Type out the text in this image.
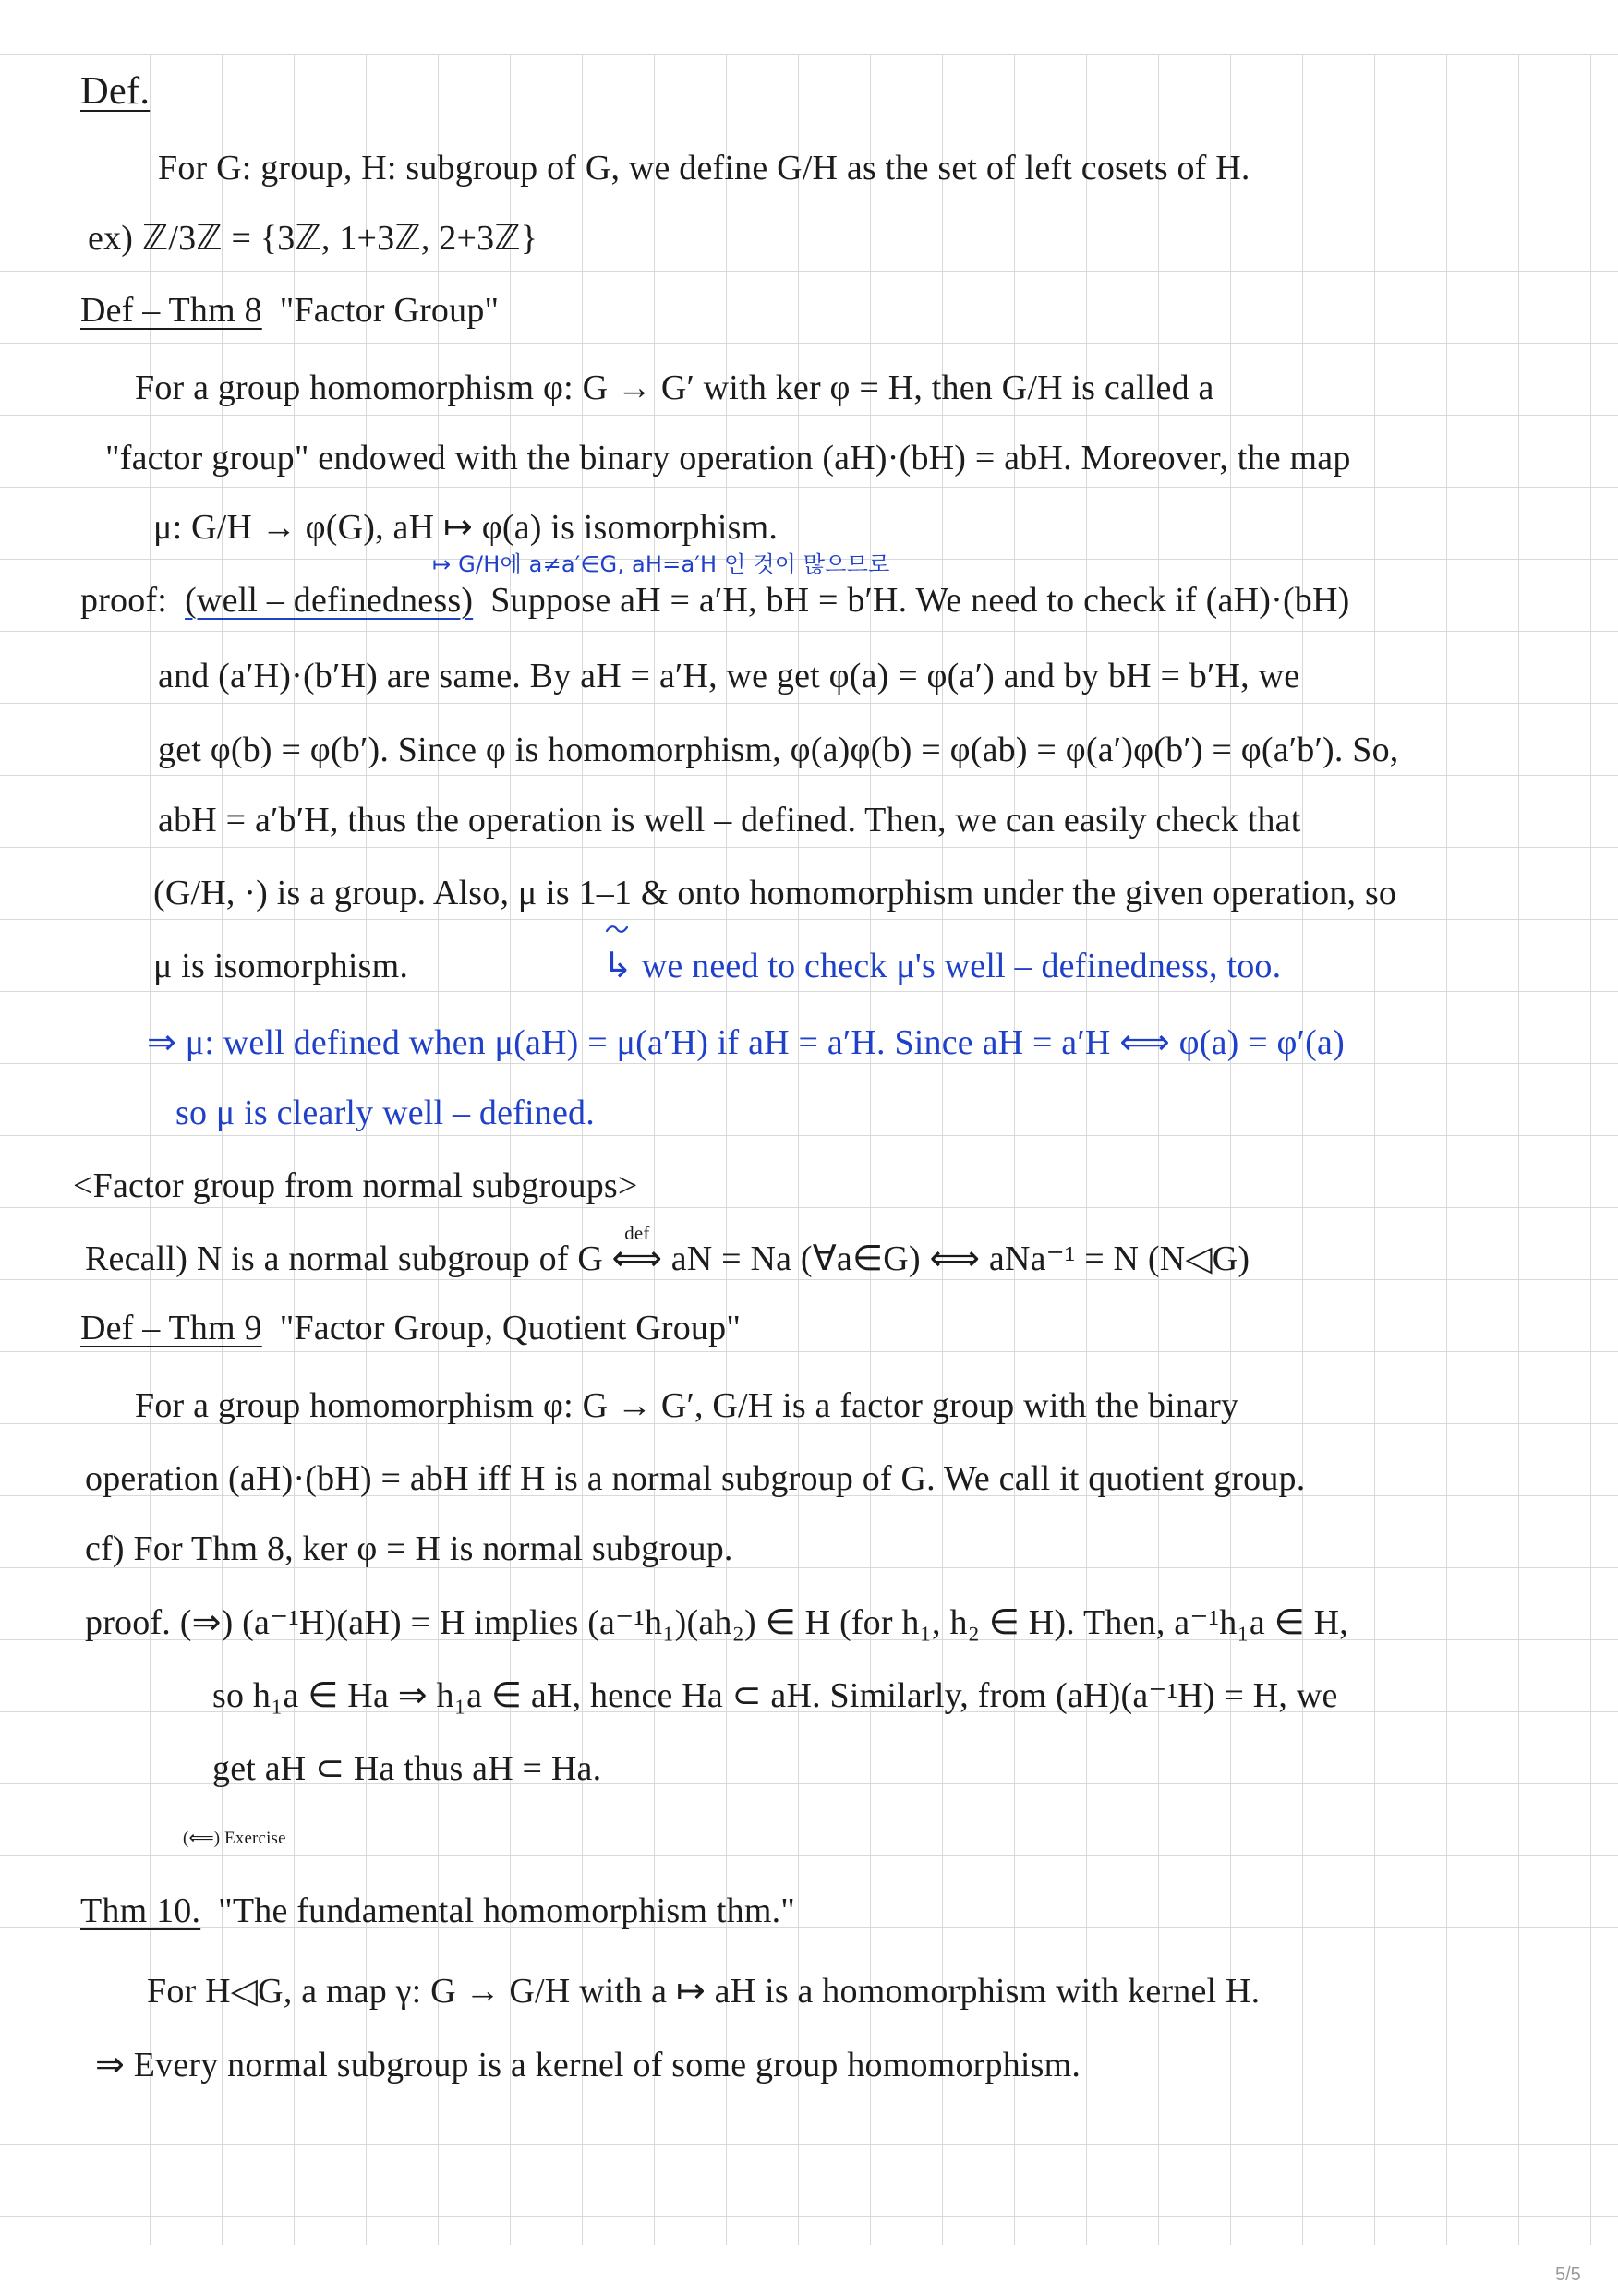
Def.
For G: group, H: subgroup of G, we define G/H as the set of left cosets of H.
ex) ℤ/3ℤ = {3ℤ, 1+3ℤ, 2+3ℤ}
Def – Thm 8 "Factor Group"
For a group homomorphism φ: G → G′ with ker φ = H, then G/H is called a
"factor group" endowed with the binary operation (aH)·(bH) = abH. Moreover, the map
μ: G/H → φ(G), aH ↦ φ(a) is isomorphism.
↦ G/H에 a≠a′∈G, aH=a′H 인 것이 많으므로
proof: (well – definedness) Suppose aH = a′H, bH = b′H. We need to check if (aH)·(bH)
and (a′H)·(b′H) are same. By aH = a′H, we get φ(a) = φ(a′) and by bH = b′H, we
get φ(b) = φ(b′). Since φ is homomorphism, φ(a)φ(b) = φ(ab) = φ(a′)φ(b′) = φ(a′b′). So,
abH = a′b′H, thus the operation is well – defined. Then, we can easily check that
(G/H, ·) is a group. Also, μ is 1–1 & onto homomorphism under the given operation, so
μ is isomorphism.	↳ we need to check μ's well – definedness, too.
⇒ μ: well defined when μ(aH) = μ(a′H) if aH = a′H. Since aH = a′H ⟺ φ(a) = φ′(a)
so μ is clearly well – defined.
<Factor group from normal subgroups>
Recall) N is a normal subgroup of G
def
⟺ aN = Na (∀a∈G) ⟺ aNa⁻¹ = N (N◁G)
Def – Thm 9 "Factor Group, Quotient Group"
For a group homomorphism φ: G → G′, G/H is a factor group with the binary
operation (aH)·(bH) = abH iff H is a normal subgroup of G. We call it quotient group.
cf) For Thm 8, ker φ = H is normal subgroup.
proof. (⇒) (a⁻¹H)(aH) = H implies (a⁻¹h₁)(ah₂) ∈ H (for h₁, h₂ ∈ H). Then, a⁻¹h₁a ∈ H,
so h₁a ∈ Ha ⇒ h₁a ∈ aH, hence Ha ⊂ aH. Similarly, from (aH)(a⁻¹H) = H, we
get aH ⊂ Ha thus aH = Ha.
(⟸) Exercise
Thm 10. "The fundamental homomorphism thm."
For H◁G, a map γ: G → G/H with a ↦ aH is a homomorphism with kernel H.
⇒ Every normal subgroup is a kernel of some group homomorphism.
5/5
